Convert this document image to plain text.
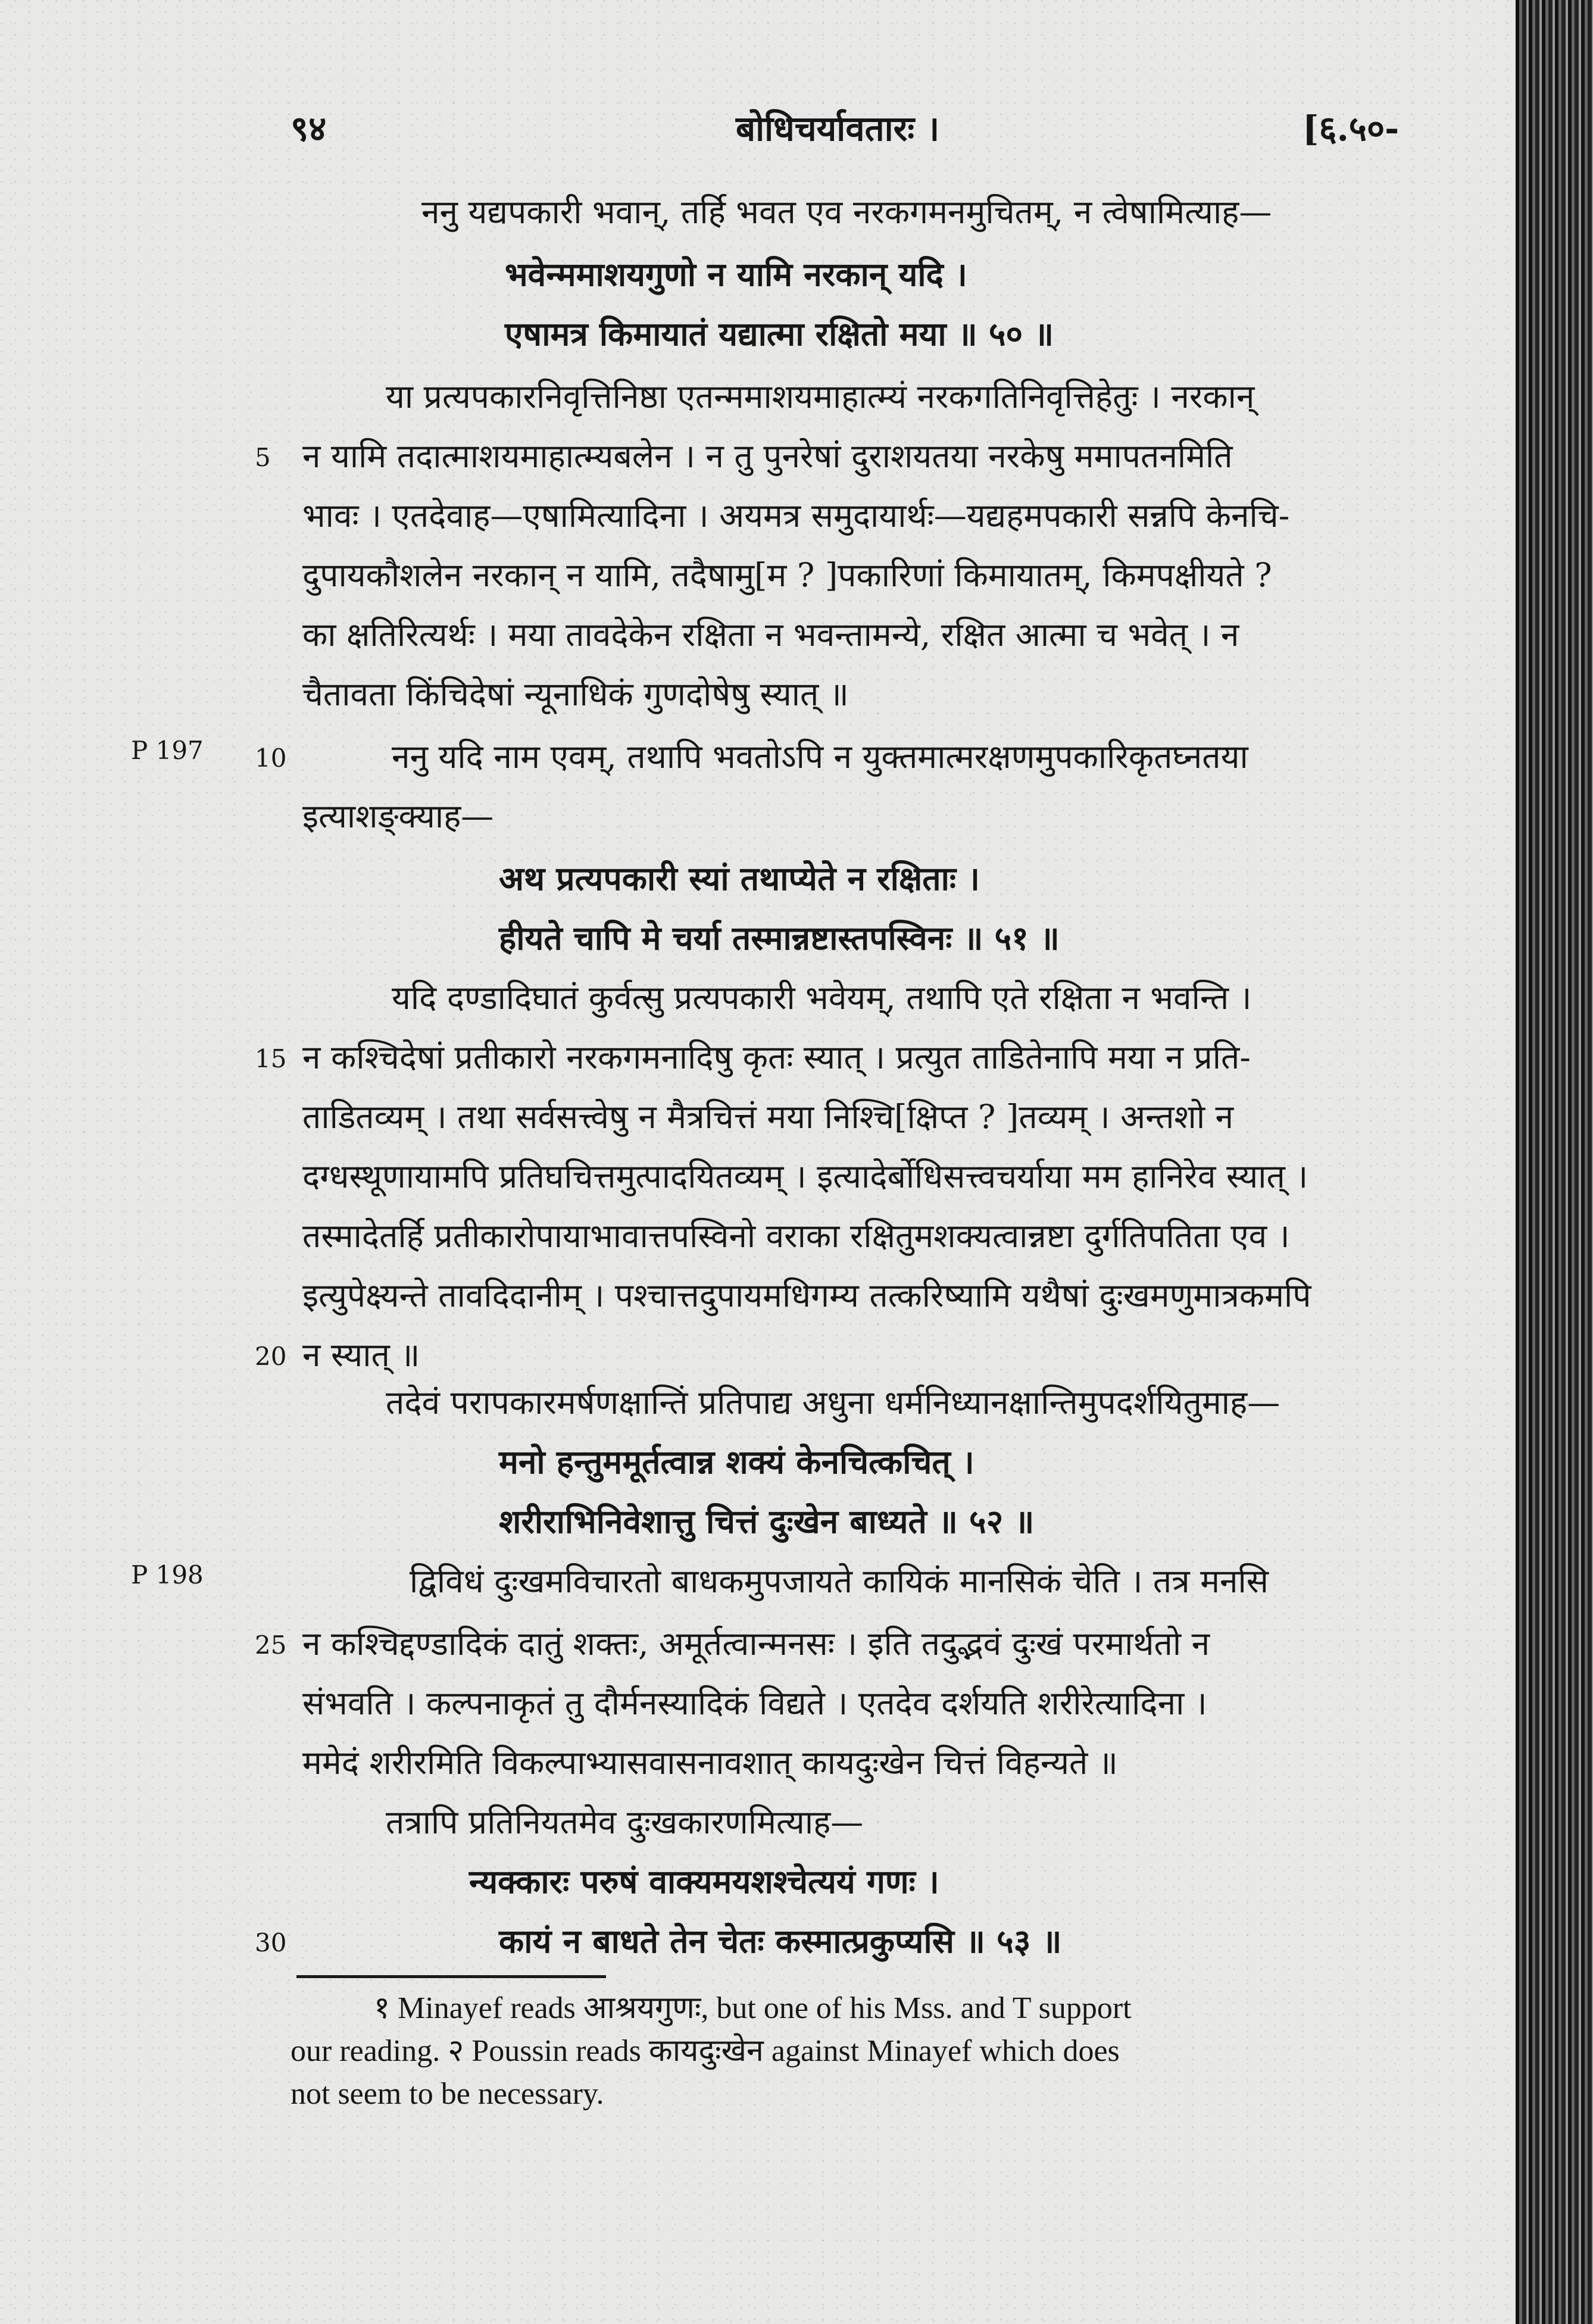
९४	बोधिचर्यावतारः ।	[६.५०-
ननु यद्यपकारी भवान्, तर्हि भवत एव नरकगमनमुचितम्, न त्वेषामित्याह—
भवेन्ममाशयगुणो न यामि नरकान् यदि ।
एषामत्र किमायातं यद्यात्मा रक्षितो मया ॥ ५० ॥
या प्रत्यपकारनिवृत्तिनिष्ठा एतन्ममाशयमाहात्म्यं नरकगतिनिवृत्तिहेतुः । नरकान्
न यामि तदात्माशयमाहात्म्यबलेन । न तु पुनरेषां दुराशयतया नरकेषु ममापतनमिति
भावः । एतदेवाह—एषामित्यादिना । अयमत्र समुदायार्थः—यद्यहमपकारी सन्नपि केनचि-
दुपायकौशलेन नरकान् न यामि, तदैषामु[म ? ]पकारिणां किमायातम्, किमपक्षीयते ?
का क्षतिरित्यर्थः । मया तावदेकेन रक्षिता न भवन्तामन्ये, रक्षित आत्मा च भवेत् । न
चैतावता किंचिदेषां न्यूनाधिकं गुणदोषेषु स्यात् ॥
ननु यदि नाम एवम्, तथापि भवतोऽपि न युक्तमात्मरक्षणमुपकारिकृतघ्नतया
इत्याशङ्क्याह—
अथ प्रत्यपकारी स्यां तथाप्येते न रक्षिताः ।
हीयते चापि मे चर्या तस्मान्नष्टास्तपस्विनः ॥ ५१ ॥
यदि दण्डादिघातं कुर्वत्सु प्रत्यपकारी भवेयम्, तथापि एते रक्षिता न भवन्ति ।
न कश्चिदेषां प्रतीकारो नरकगमनादिषु कृतः स्यात् । प्रत्युत ताडितेनापि मया न प्रति-
ताडितव्यम् । तथा सर्वसत्त्वेषु न मैत्रचित्तं मया निश्चि[क्षिप्त ? ]तव्यम् । अन्तशो न
दग्धस्थूणायामपि प्रतिघचित्तमुत्पादयितव्यम् । इत्यादेर्बोधिसत्त्वचर्याया मम हानिरेव स्यात् ।
तस्मादेतर्हि प्रतीकारोपायाभावात्तपस्विनो वराका रक्षितुमशक्यत्वान्नष्टा दुर्गतिपतिता एव ।
इत्युपेक्ष्यन्ते तावदिदानीम् । पश्चात्तदुपायमधिगम्य तत्करिष्यामि यथैषां दुःखमणुमात्रकमपि
न स्यात् ॥
तदेवं परापकारमर्षणक्षान्तिं प्रतिपाद्य अधुना धर्मनिध्यानक्षान्तिमुपदर्शयितुमाह—
मनो हन्तुममूर्तत्वान्न शक्यं केनचित्कचित् ।
शरीराभिनिवेशात्तु चित्तं दुःखेन बाध्यते ॥ ५२ ॥
द्विविधं दुःखमविचारतो बाधकमुपजायते कायिकं मानसिकं चेति । तत्र मनसि
न कश्चिद्दण्डादिकं दातुं शक्तः, अमूर्तत्वान्मनसः । इति तदुद्भवं दुःखं परमार्थतो न
संभवति । कल्पनाकृतं तु दौर्मनस्यादिकं विद्यते । एतदेव दर्शयति शरीरेत्यादिना ।
ममेदं शरीरमिति विकल्पाभ्यासवासनावशात् कायदुःखेन चित्तं विहन्यते ॥
तत्रापि प्रतिनियतमेव दुःखकारणमित्याह—
न्यक्कारः परुषं वाक्यमयशश्चेत्ययं गणः ।
कायं न बाधते तेन चेतः कस्मात्प्रकुप्यसि ॥ ५३ ॥
5
10
15
20
25
30
P 197
P 198
१ Minayef reads आश्रयगुणः, but one of his Mss. and T support
our reading. २ Poussin reads कायदुःखेन against Minayef which does
not seem to be necessary.
